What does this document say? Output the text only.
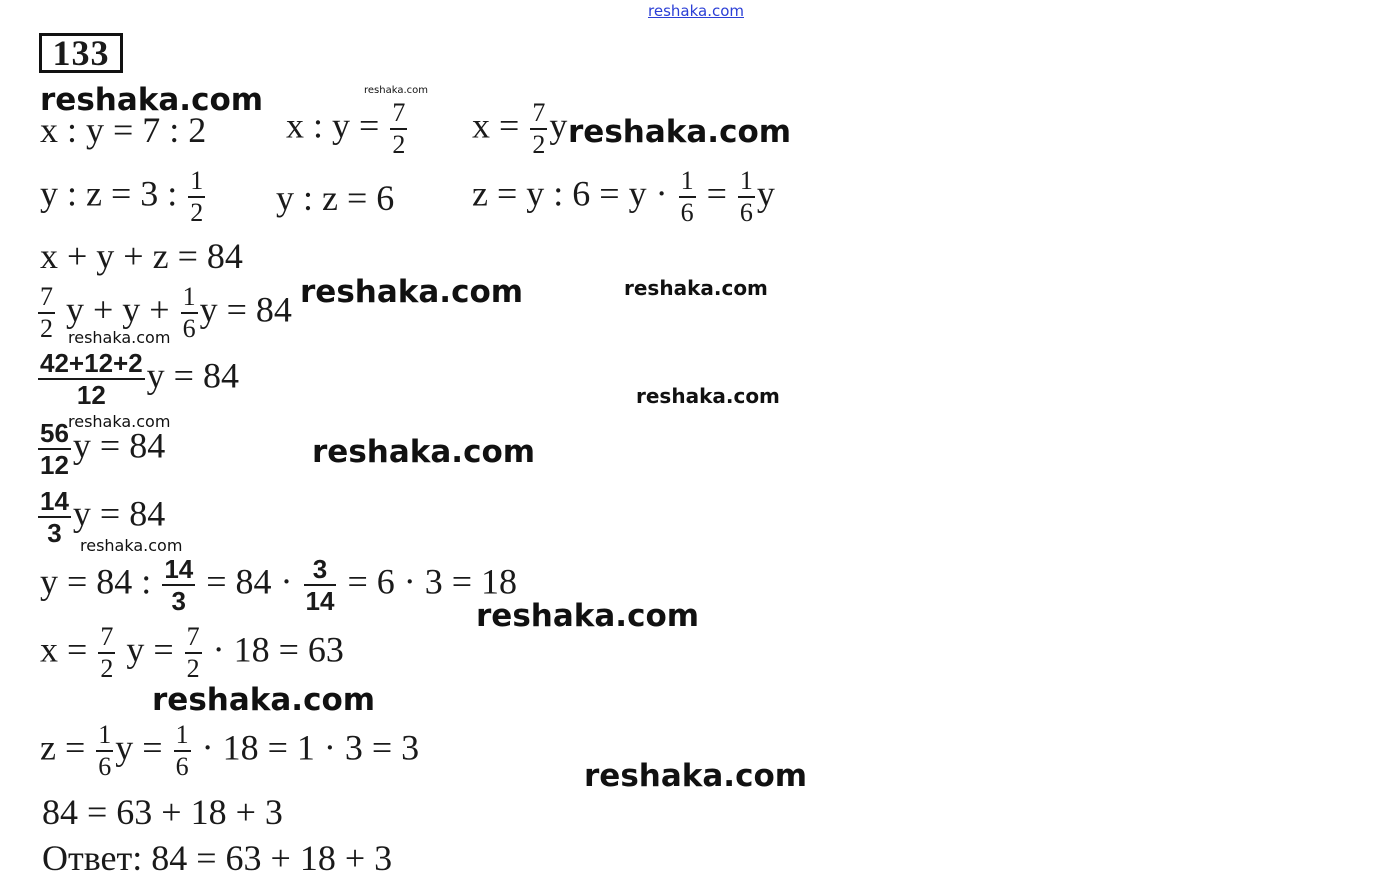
reshaka.com
133
x : y = 7 : 2 x : $y = \frac{7}{2}$ $x = \frac{7}{2}$ y
y : z = 3 : $\frac{1}{2}$ y : z = 6 z = y : $6 = y \cdot \frac{1}{6} = \frac{1}{6}$ y
x + y + z = 84
$\frac{7}{2}$ $y + y + \frac{1}{6}$ y = 84
$\frac{42+12+2}{12}$ y = 84
$\frac{56}{12}$ y = 84
$\frac{14}{3}$ y = 84
y = 84 : $\frac{14}{3} = 84 \cdot \frac{3}{14} = 6 \cdot 3 = 18$
$x = \frac{7}{2}$ $y = \frac{7}{2} \cdot 18 = 63$
$z = \frac{1}{6}$ $y = \frac{1}{6} \cdot 18 = 1 \cdot 3 = 3$
84 = 63 + 18 + 3
Ответ: 84 = 63 + 18 + 3
reshaka.com	reshaka.com
reshaka.com
reshaka.com	reshaka.com
reshaka.com
reshaka.com
reshaka.com
reshaka.com
reshaka.com
reshaka.com
reshaka.com
reshaka.com
